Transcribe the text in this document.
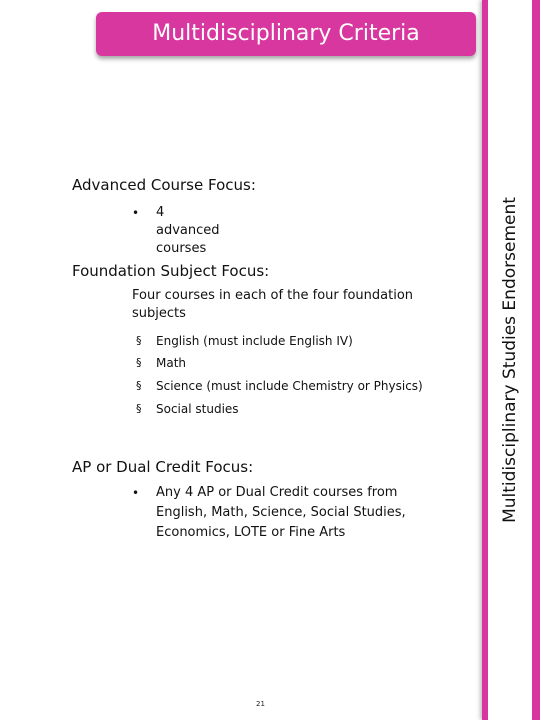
Multidisciplinary Studies Endorsement
Multidisciplinary Criteria
Advanced Course Focus:
• 4 advanced courses
Foundation Subject Focus:
Four courses in each of the four foundation
subjects
§ English (must include English IV)
§ Math
§ Science (must include Chemistry or Physics)
§ Social studies
AP or Dual Credit Focus:
• Any 4 AP or Dual Credit courses from
English, Math, Science, Social Studies,
Economics, LOTE or Fine Arts
21
